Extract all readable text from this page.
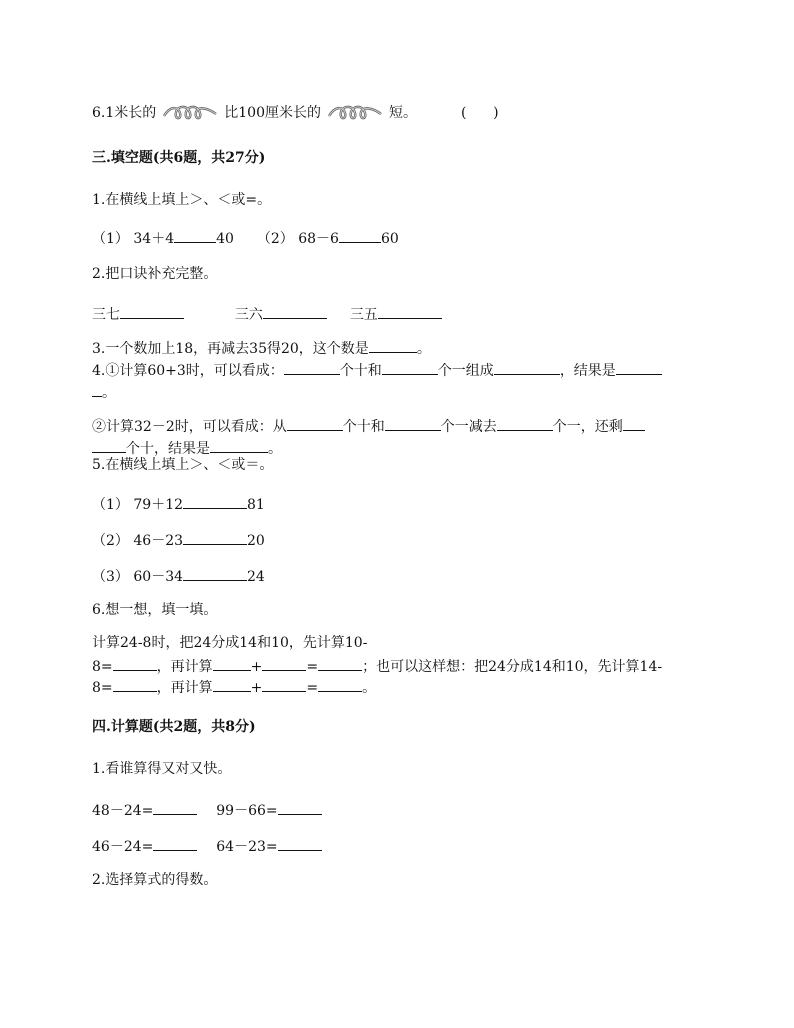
6.1米长的	比100厘米长的	短。	(      )
三.填空题(共6题，共27分)
1.在横线上填上＞、＜或=。
（1） 34＋4	40 （2） 68－6	60
2.把口诀补充完整。
三七	三六	三五
3.一个数加上18，再减去35得20，这个数是	。
4.①计算60+3时，可以看成：	个十和	个一组成	，结果是
。
②计算32－2时，可以看成：从	个十和	个一减去	个一，还剩
个十，结果是	。
5.在横线上填上＞、＜或＝。
（1） 79＋12	81
（2） 46－23	20
（3） 60－34	24
6.想一想，填一填。
计算24-8时，把24分成14和10，先计算10-
8=	，再计算	+	=	；也可以这样想：把24分成14和10，先计算14-
8=	，再计算	+	=	。
四.计算题(共2题，共8分)
1.看谁算得又对又快。
48－24=	99－66=
46－24=	64－23=
2.选择算式的得数。
